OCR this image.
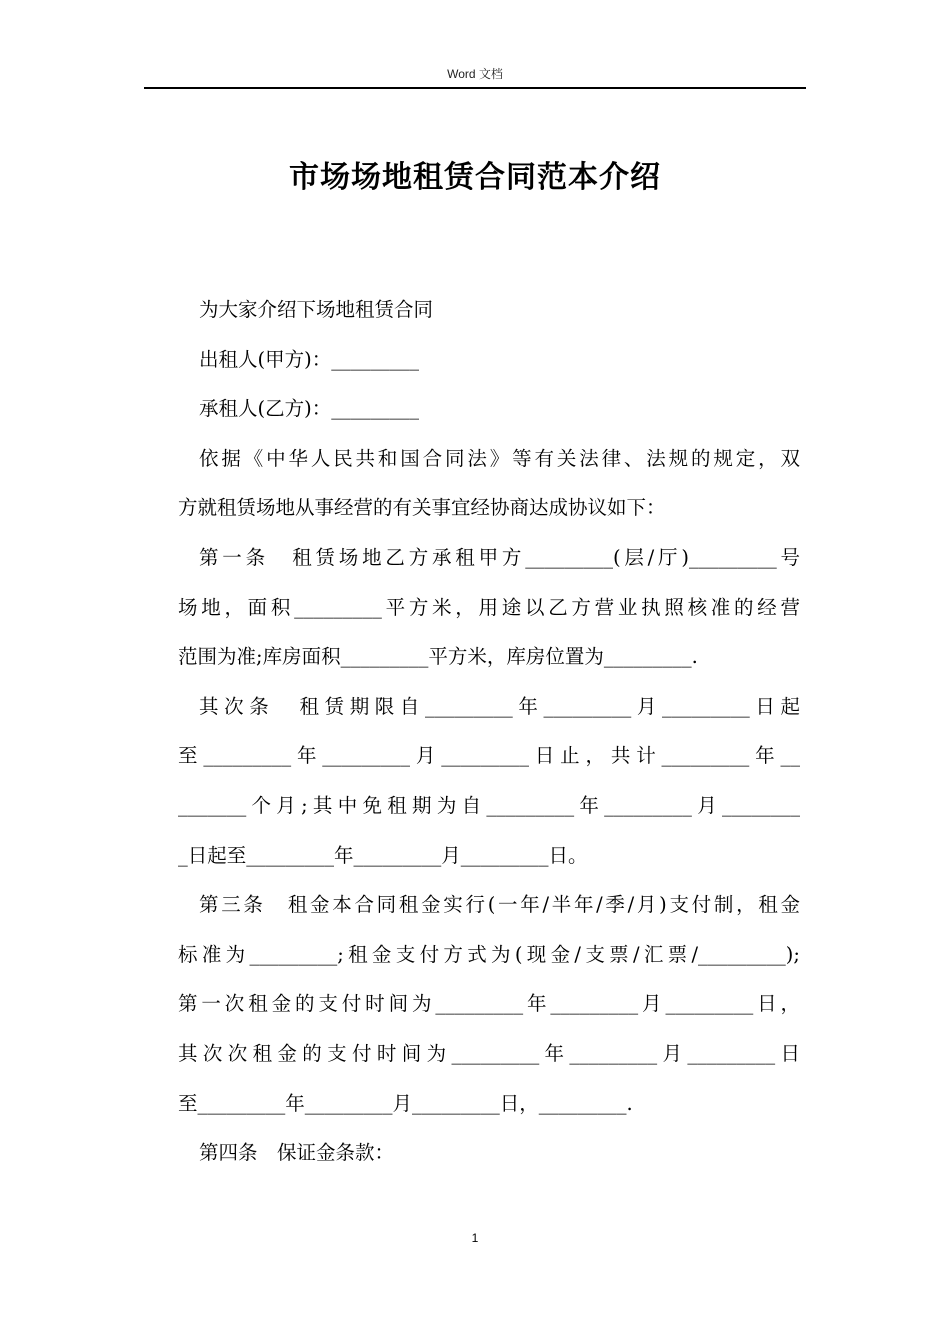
Word 文档
市场场地租赁合同范本介绍
为大家介绍下场地租赁合同
出租人(甲方)：_________
承租人(乙方)：_________
依据《中华人民共和国合同法》等有关法律、法规的规定，双
方就租赁场地从事经营的有关事宜经协商达成协议如下：
第一条　租赁场地乙方承租甲方_________(层/厅)_________号
场地，面积_________平方米，用途以乙方营业执照核准的经营
范围为准;库房面积_________平方米，库房位置为_________.
其次条　租赁期限自_________年_________月_________日起
至_________年_________月_________日止，共计_________年__
_______个月;其中免租期为自_________年_________月________
_日起至_________年_________月_________日。
第三条　租金本合同租金实行(一年/半年/季/月)支付制，租金
标准为_________;租金支付方式为(现金/支票/汇票/_________);
第一次租金的支付时间为_________年_________月_________日，
其次次租金的支付时间为_________年_________月_________日
至_________年_________月_________日，_________.
第四条　保证金条款：
1
